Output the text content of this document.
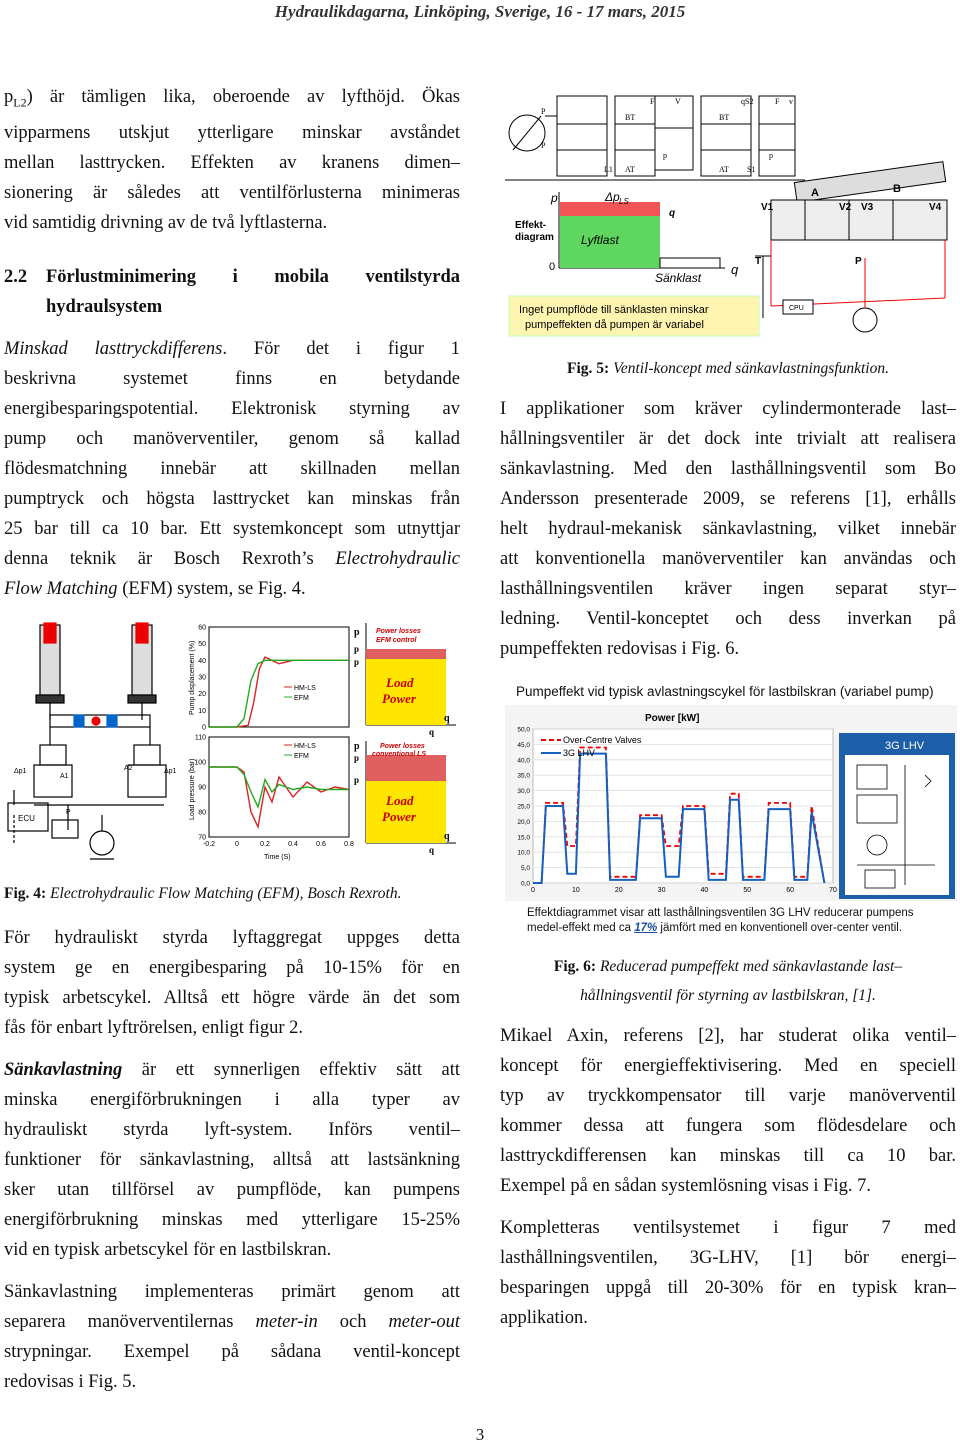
Hydraulikdagarna, Linköping, Sverige, 16 - 17 mars, 2015
$p_{L2}$) är tämligen lika, oberoende av lyfthöjd. Ökas
vipparmens utskjut ytterligare minskar avståndet
mellan lasttrycken. Effekten av kranens dimen–
sionering är således att ventilförlusterna minimeras
vid samtidig drivning av de två lyftlasterna.
2.2	Förlustminimering i mobila ventilstyrda
hydraulsystem
Minskad lasttryckdifferens. För det i figur 1
beskrivna systemet finns en betydande
energibesparingspotential. Elektronisk styrning av
pump och manöverventiler, genom så kallad
flödesmatchning innebär att skillnaden mellan
pumptryck och högsta lasttrycket kan minskas från
25 bar till ca 10 bar. Ett systemkoncept som utnyttjar
denna teknik är Bosch Rexroth’s Electrohydraulic
Flow Matching (EFM) system, se Fig. 4.
ECU
P
A1
A2
Δp1	Δp1
60
50
40
30
20
10
0
Pump displacement (%)	HM-LS
EFM
110
100
90
80
70
-0.2	0	0.2	0.4	0.6	0.8
Load pressure (bar)
HM-LS
EFM
Time (S)
Power losses
EFM control
Load
Power
p
p
p
q
q
Power losses
conventional LS
Load
Power
p
p
p
q
q
Fig. 4: Electrohydraulic Flow Matching (EFM), Bosch Rexroth.
För hydrauliskt styrda lyftaggregat uppges detta
system ge en energibesparing på 10-15% för en
typisk arbetscykel. Alltså ett högre värde än det som
fås för enbart lyftrörelsen, enligt figur 2.
Sänkavlastning är ett synnerligen effektiv sätt att
minska energiförbrukningen i alla typer av
hydrauliskt styrda lyft-system. Införs ventil–
funktioner för sänkavlastning, alltså att lastsänkning
sker utan tillförsel av pumpflöde, kan pumpens
energiförbrukning minskas med ytterligare 15-25%
vid en typisk arbetscykel för en lastbilskran.
Sänkavlastning implementeras primärt genom att
separera manöverventilernas meter-in och meter-out
strypningar. Exempel på sådana ventil-koncept
redovisas i Fig. 5.
F	V	q	F v BT	BT AT	ATp	p L1	S1S2 P P
Effekt-
diagram
p
0
Δp LS
q
Lyftlast
Sänklast
q
Inget pumpflöde till sänklasten minskar
pumpeffekten då pumpen är variabel
V1	V2 V3	V4
A	B
T	P
CPU
Fig. 5: Ventil-koncept med sänkavlastningsfunktion.
I applikationer som kräver cylindermonterade last–
hållningsventiler är det dock inte trivialt att realisera
sänkavlastning. Med den lasthållningsventil som Bo
Andersson presenterade 2009, se referens [1], erhålls
helt hydraul-mekanisk sänkavlastning, vilket innebär
att konventionella manöverventiler kan användas och
lasthållningsventilen kräver ingen separat styr–
ledning. Ventil-konceptet och dess inverkan på
pumpeffekten redovisas i Fig. 6.
Pumpeffekt vid typisk avlastningscykel för lastbilskran (variabel pump)
Power [kW]
50,0
45,0
40,0
35,0
30,0
25,0
20,0
15,0
10,0
5,0
0,0
0	10	20	30	40	50	60	70
Over-Centre Valves
3G LHV
3G LHV
Effektdiagrammet visar att lasthållningsventilen 3G LHV reducerar pumpens
medel-effekt med ca 17% jämfört med en konventionell over-center ventil.
Fig. 6: Reducerad pumpeffekt med sänkavlastande last–
hållningsventil för styrning av lastbilskran, [1].
Mikael Axin, referens [2], har studerat olika ventil–
koncept för energieffektivisering. Med en speciell
typ av tryckkompensator till varje manöverventil
kommer dessa att fungera som flödesdelare och
lasttryckdifferensen kan minskas till ca 10 bar.
Exempel på en sådan systemlösning visas i Fig. 7.
Kompletteras ventilsystemet i figur 7 med
lasthållningsventilen, 3G-LHV, [1] bör energi–
besparingen uppgå till 20-30% för en typisk kran–
applikation.
3
